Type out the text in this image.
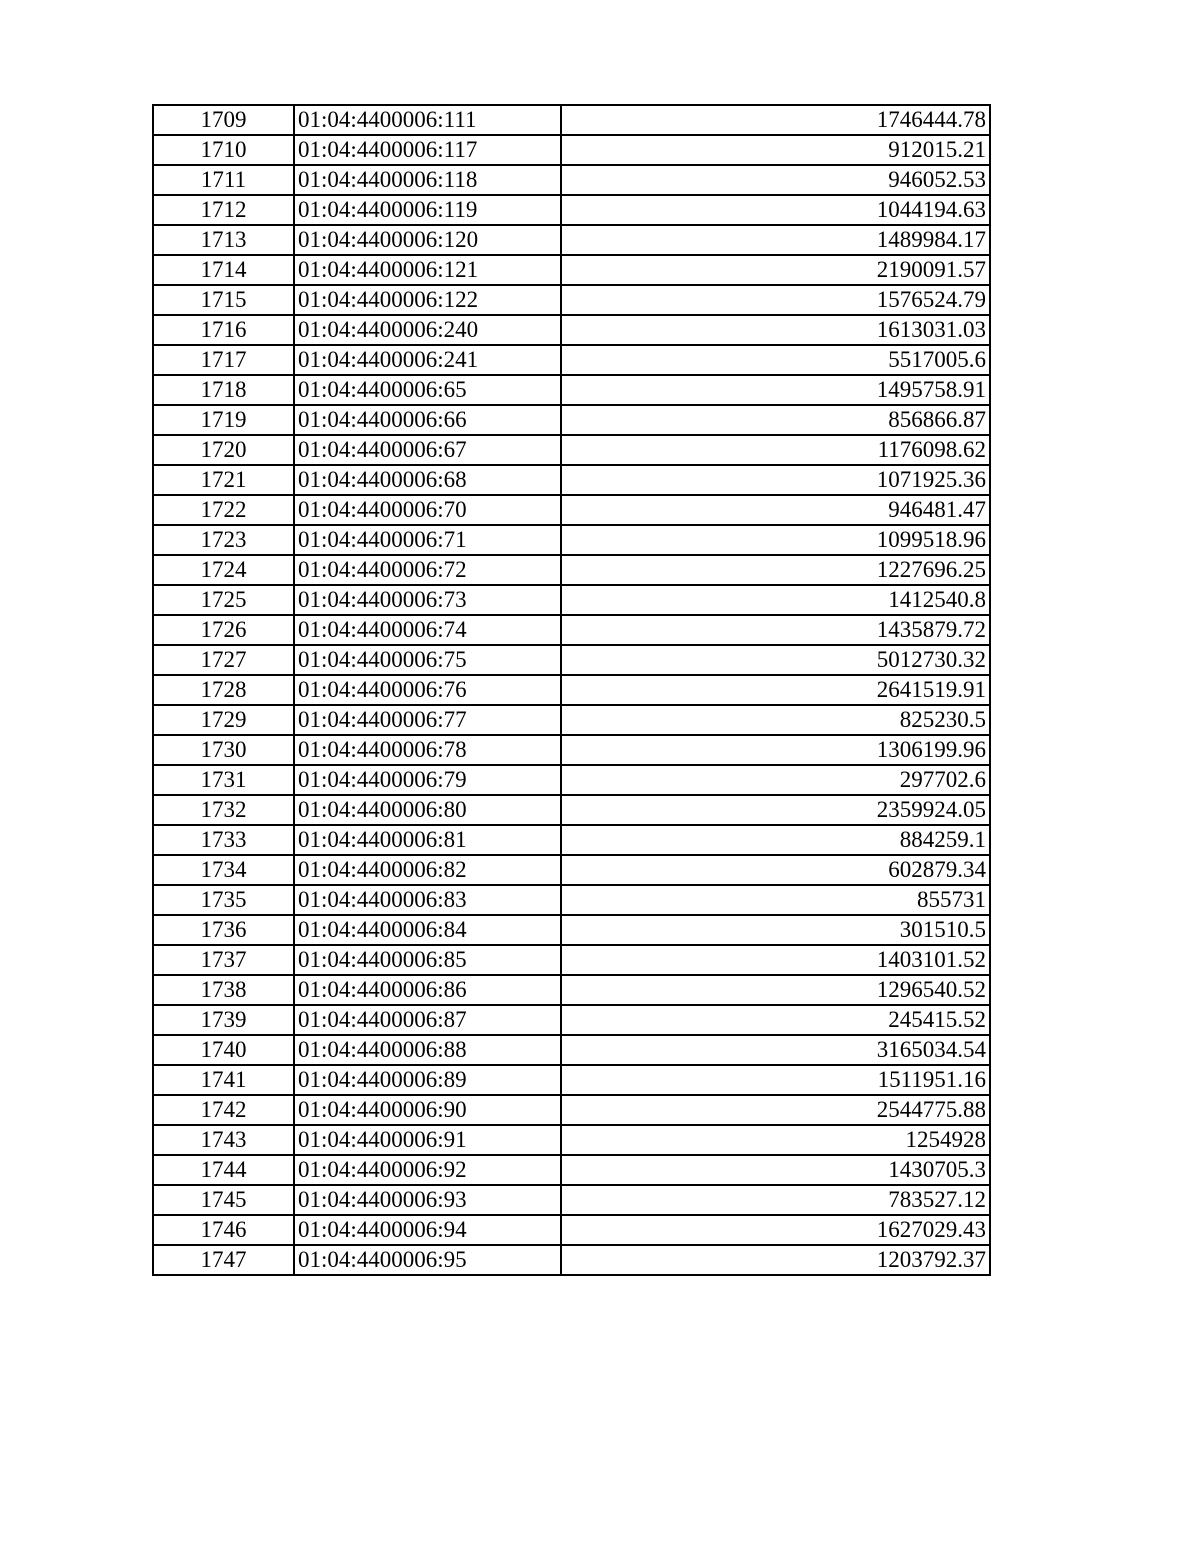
1709	01:04:4400006:111	1746444.78
1710	01:04:4400006:117	912015.21
1711	01:04:4400006:118	946052.53
1712	01:04:4400006:119	1044194.63
1713	01:04:4400006:120	1489984.17
1714	01:04:4400006:121	2190091.57
1715	01:04:4400006:122	1576524.79
1716	01:04:4400006:240	1613031.03
1717	01:04:4400006:241	5517005.6
1718	01:04:4400006:65	1495758.91
1719	01:04:4400006:66	856866.87
1720	01:04:4400006:67	1176098.62
1721	01:04:4400006:68	1071925.36
1722	01:04:4400006:70	946481.47
1723	01:04:4400006:71	1099518.96
1724	01:04:4400006:72	1227696.25
1725	01:04:4400006:73	1412540.8
1726	01:04:4400006:74	1435879.72
1727	01:04:4400006:75	5012730.32
1728	01:04:4400006:76	2641519.91
1729	01:04:4400006:77	825230.5
1730	01:04:4400006:78	1306199.96
1731	01:04:4400006:79	297702.6
1732	01:04:4400006:80	2359924.05
1733	01:04:4400006:81	884259.1
1734	01:04:4400006:82	602879.34
1735	01:04:4400006:83	855731
1736	01:04:4400006:84	301510.5
1737	01:04:4400006:85	1403101.52
1738	01:04:4400006:86	1296540.52
1739	01:04:4400006:87	245415.52
1740	01:04:4400006:88	3165034.54
1741	01:04:4400006:89	1511951.16
1742	01:04:4400006:90	2544775.88
1743	01:04:4400006:91	1254928
1744	01:04:4400006:92	1430705.3
1745	01:04:4400006:93	783527.12
1746	01:04:4400006:94	1627029.43
1747	01:04:4400006:95	1203792.37
